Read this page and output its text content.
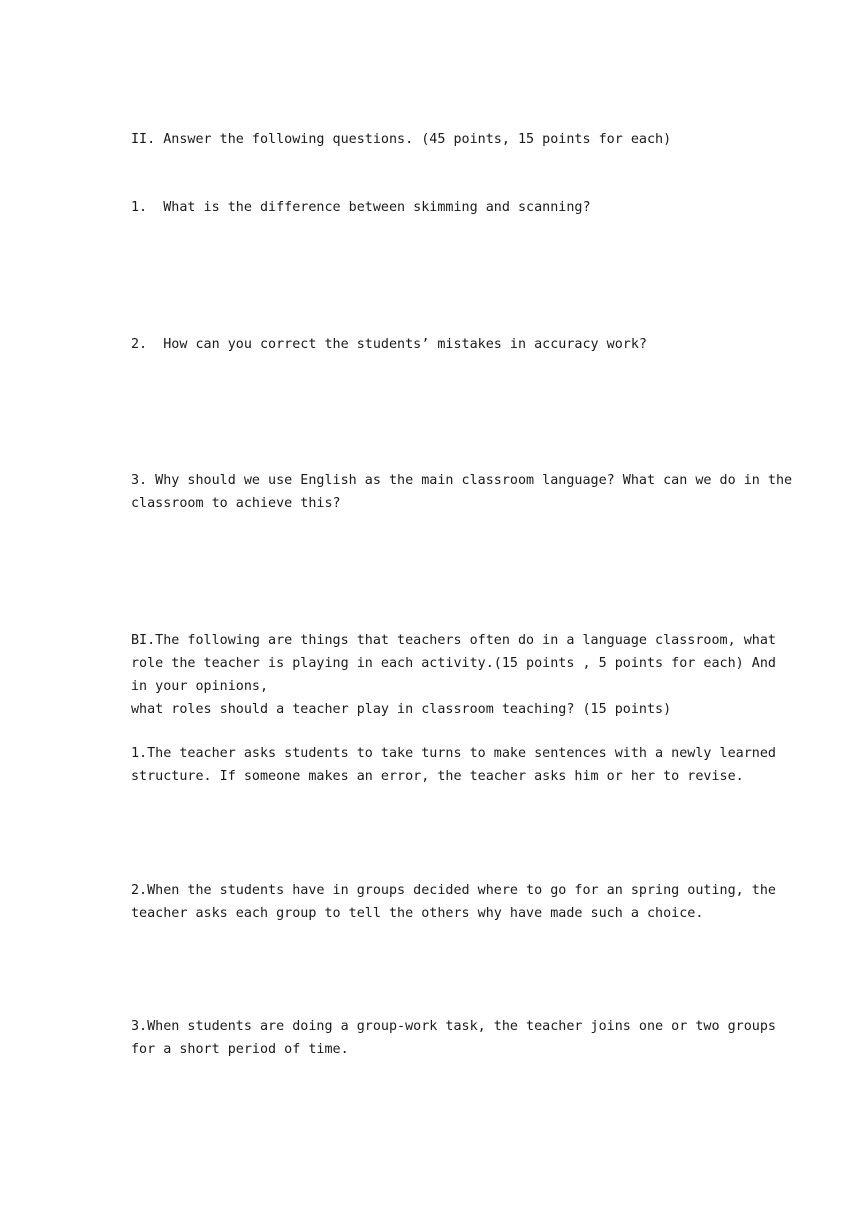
II. Answer the following questions. (45 points, 15 points for each)
1.  What is the difference between skimming and scanning?
2.  How can you correct the students’ mistakes in accuracy work?
3. Why should we use English as the main classroom language? What can we do in the
classroom to achieve this?
BI.The following are things that teachers often do in a language classroom, what
role the teacher is playing in each activity.(15 points , 5 points for each) And
in your opinions,
what roles should a teacher play in classroom teaching? (15 points)
1.The teacher asks students to take turns to make sentences with a newly learned
structure. If someone makes an error, the teacher asks him or her to revise.
2.When the students have in groups decided where to go for an spring outing, the
teacher asks each group to tell the others why have made such a choice.
3.When students are doing a group-work task, the teacher joins one or two groups
for a short period of time.
